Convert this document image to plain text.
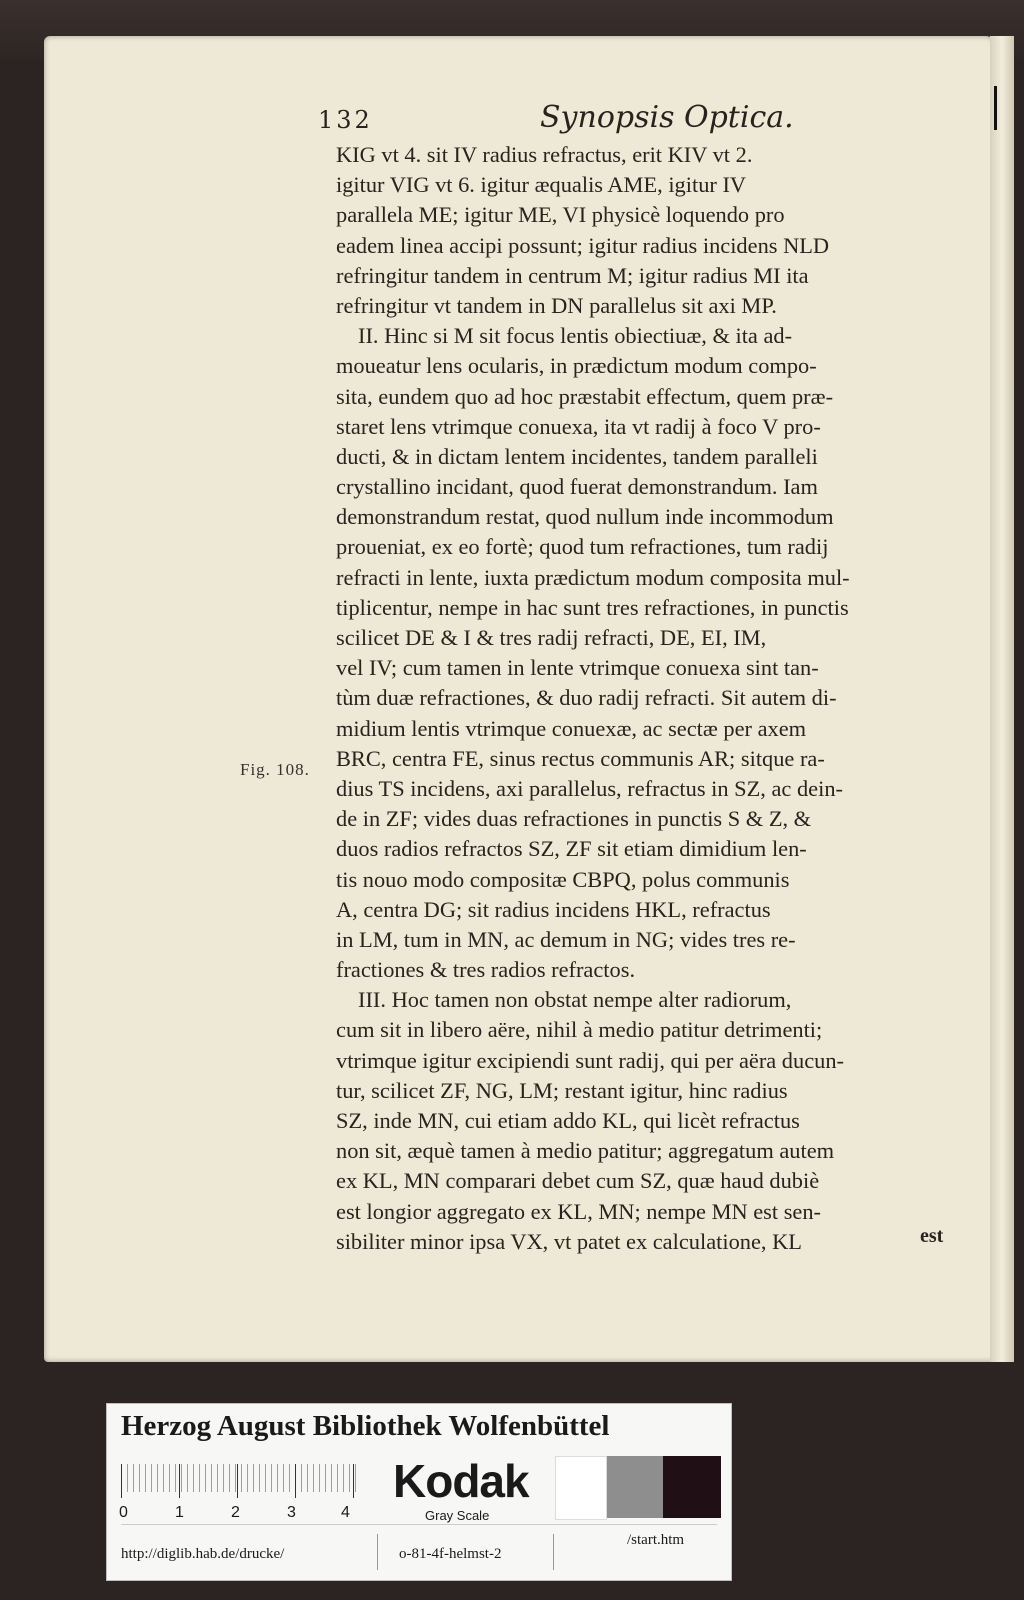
132	Synopsis Optica.
Fig. 108.
KIG vt 4. sit IV radius refractus, erit KIV vt 2.
igitur VIG vt 6. igitur æqualis AME, igitur IV
parallela ME; igitur ME, VI physicè loquendo pro
eadem linea accipi possunt; igitur radius incidens NLD
refringitur tandem in centrum M; igitur radius MI ita
refringitur vt tandem in DN parallelus sit axi MP.
II. Hinc si M sit focus lentis obiectiuæ, & ita ad-
moueatur lens ocularis, in prædictum modum compo-
sita, eundem quo ad hoc præstabit effectum, quem præ-
staret lens vtrimque conuexa, ita vt radij à foco V pro-
ducti, & in dictam lentem incidentes, tandem paralleli
crystallino incidant, quod fuerat demonstrandum. Iam
demonstrandum restat, quod nullum inde incommodum
proueniat, ex eo fortè; quod tum refractiones, tum radij
refracti in lente, iuxta prædictum modum composita mul-
tiplicentur, nempe in hac sunt tres refractiones, in punctis
scilicet DE & I & tres radij refracti, DE, EI, IM,
vel IV; cum tamen in lente vtrimque conuexa sint tan-
tùm duæ refractiones, & duo radij refracti. Sit autem di-
midium lentis vtrimque conuexæ, ac sectæ per axem
BRC, centra FE, sinus rectus communis AR; sitque ra-
dius TS incidens, axi parallelus, refractus in SZ, ac dein-
de in ZF; vides duas refractiones in punctis S & Z, &
duos radios refractos SZ, ZF sit etiam dimidium len-
tis nouo modo compositæ CBPQ, polus communis
A, centra DG; sit radius incidens HKL, refractus
in LM, tum in MN, ac demum in NG; vides tres re-
fractiones & tres radios refractos.
III. Hoc tamen non obstat nempe alter radiorum,
cum sit in libero aëre, nihil à medio patitur detrimenti;
vtrimque igitur excipiendi sunt radij, qui per aëra ducun-
tur, scilicet ZF, NG, LM; restant igitur, hinc radius
SZ, inde MN, cui etiam addo KL, qui licèt refractus
non sit, æquè tamen à medio patitur; aggregatum autem
ex KL, MN comparari debet cum SZ, quæ haud dubiè
est longior aggregato ex KL, MN; nempe MN est sen-
sibiliter minor ipsa VX, vt patet ex calculatione, KL	est
Herzog August Bibliothek Wolfenbüttel
0	1	2	3	4
Kodak
Gray Scale
http://diglib.hab.de/drucke/	o-81-4f-helmst-2
/start.htm
